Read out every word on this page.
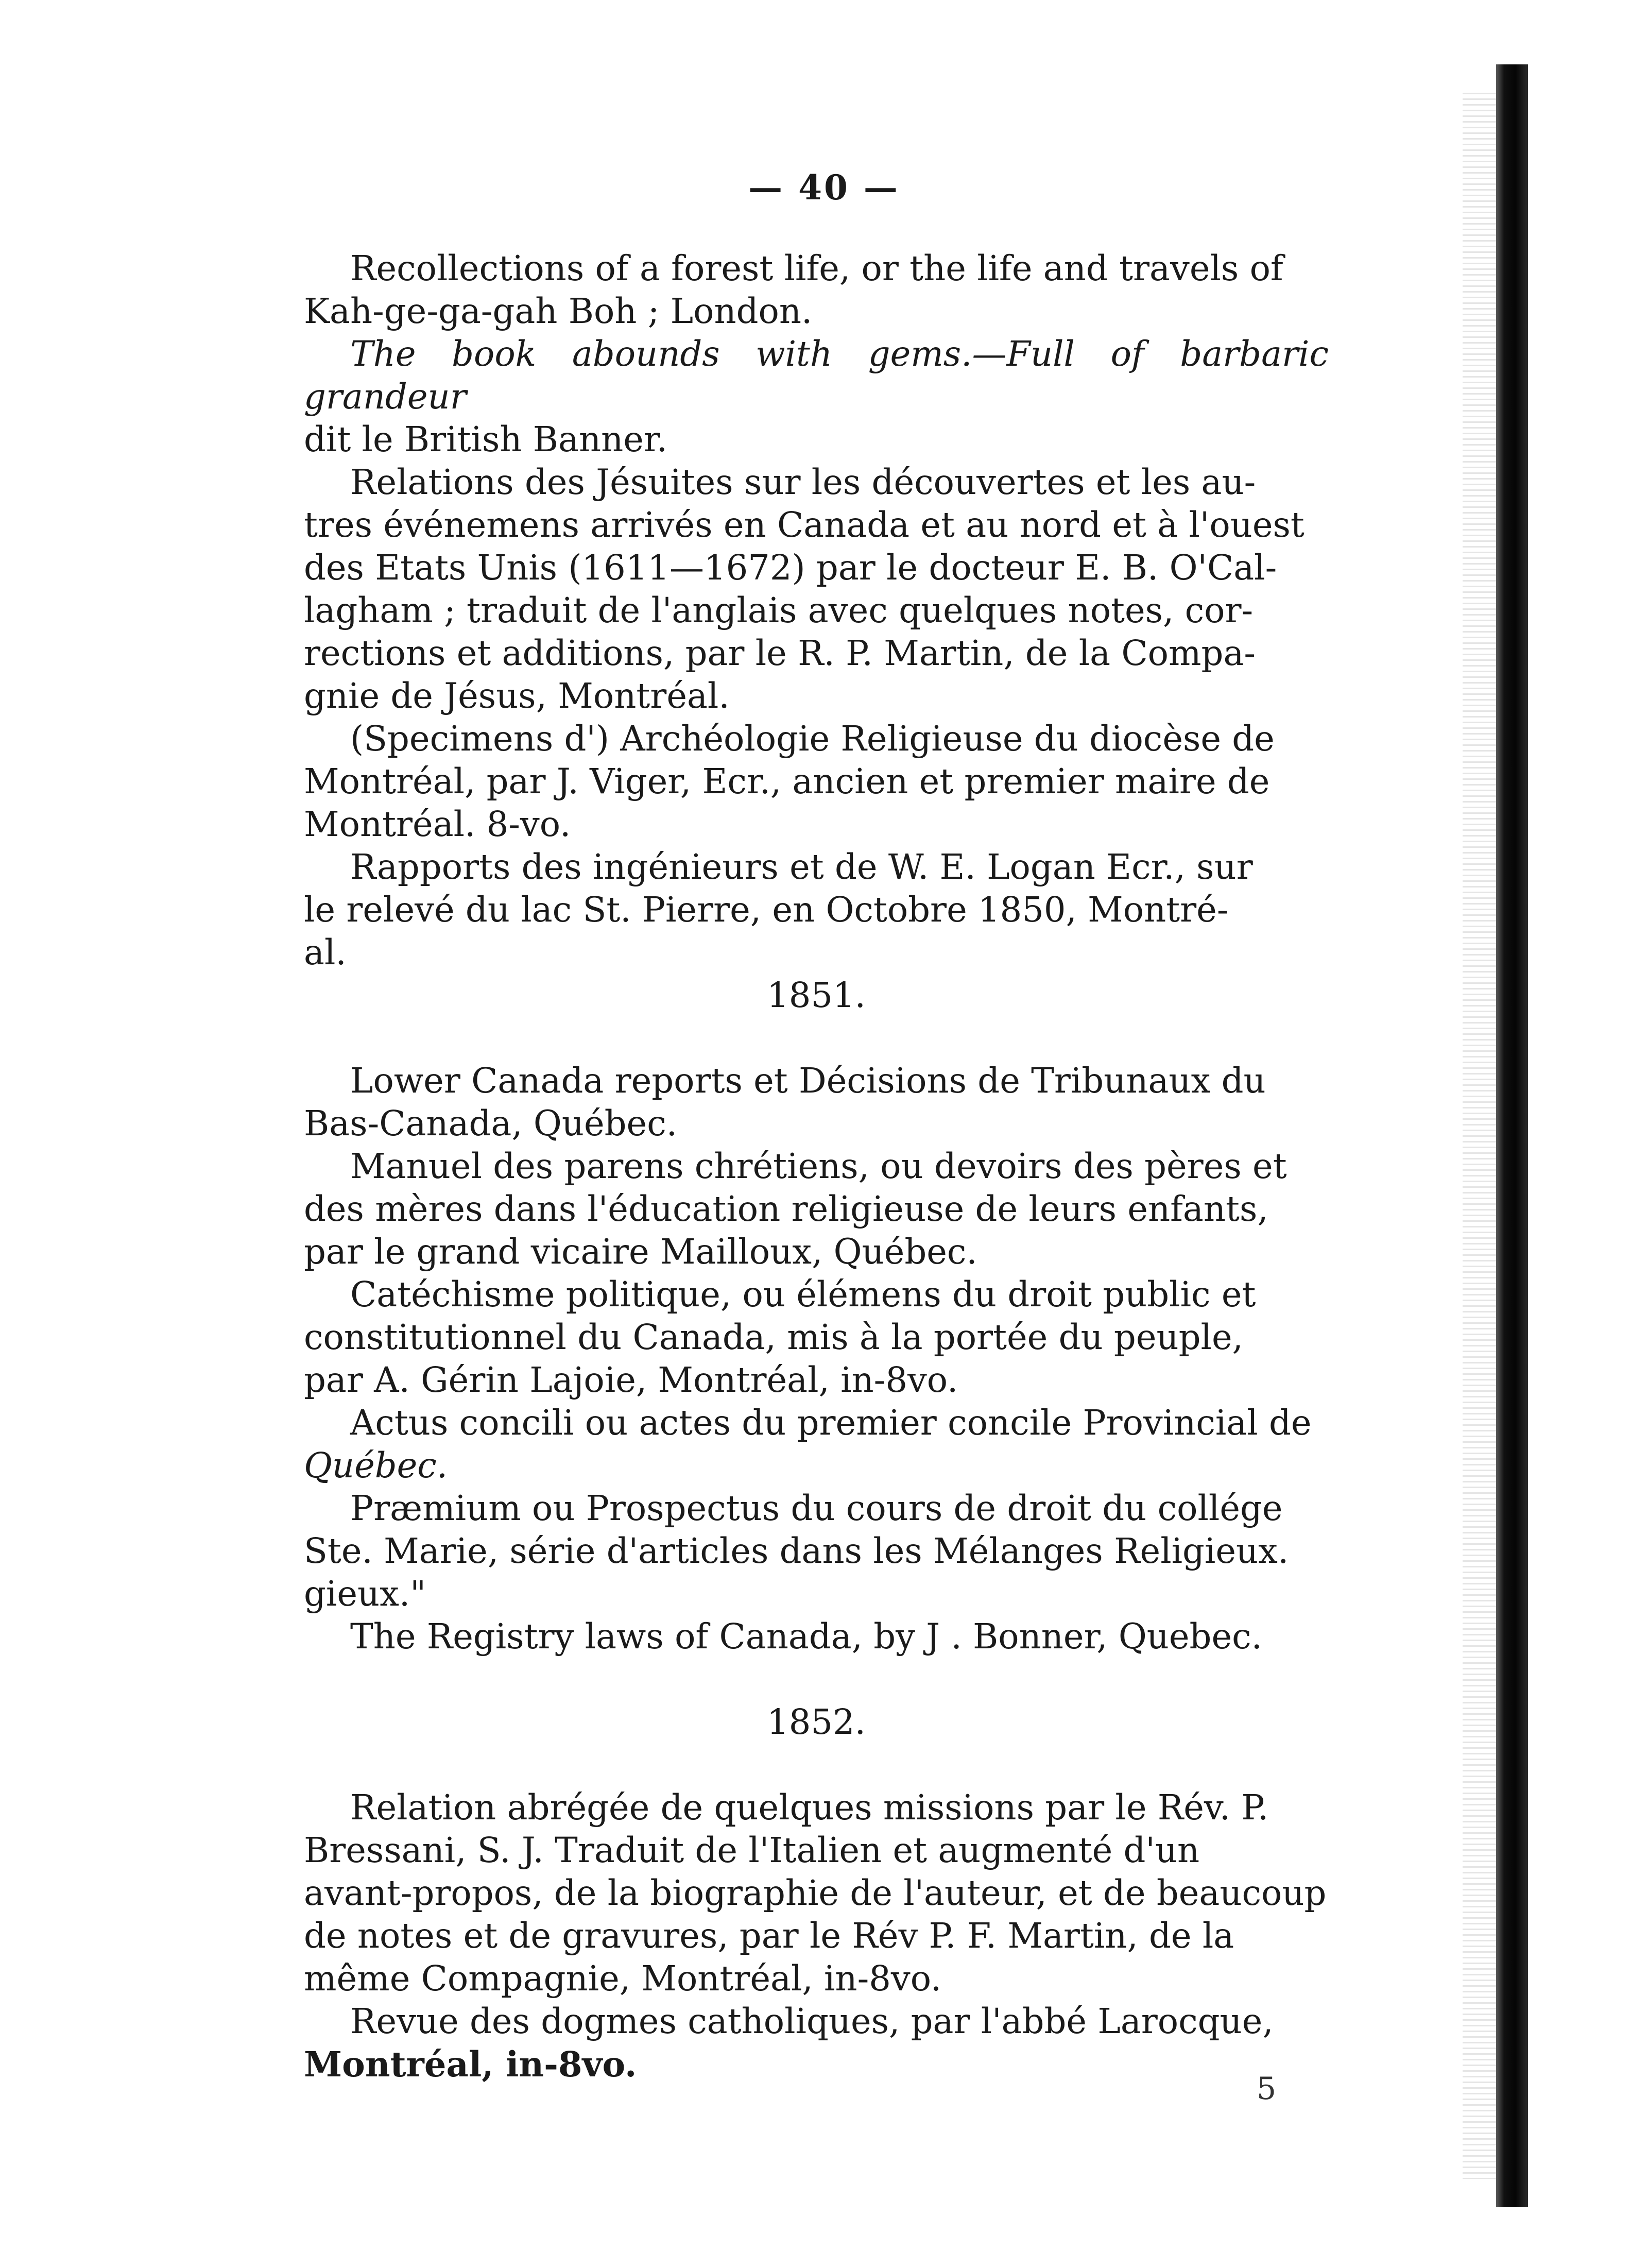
— 40 —

Recollections of a forest life, or the life and travels of
Kah-ge-ga-gah Boh ; London.

The book abounds with gems.—Full of barbaric grandeur
dit le British Banner.

Relations des Jésuites sur les découvertes et les au-
tres événemens arrivés en Canada et au nord et à l'ouest
des Etats Unis (1611—1672) par le docteur E. B. O'Cal-
lagham ; traduit de l'anglais avec quelques notes, cor-
rections et additions, par le R. P. Martin, de la Compa-
gnie de Jésus, Montréal.

(Specimens d') Archéologie Religieuse du diocèse de
Montréal, par J. Viger, Ecr., ancien et premier maire de
Montréal. 8-vo.

Rapports des ingénieurs et de W. E. Logan Ecr., sur
le relevé du lac St. Pierre, en Octobre 1850, Montré-
al.

1851.

Lower Canada reports et Décisions de Tribunaux du
Bas-Canada, Québec.

Manuel des parens chrétiens, ou devoirs des pères et
des mères dans l'éducation religieuse de leurs enfants,
par le grand vicaire Mailloux, Québec.

Catéchisme politique, ou élémens du droit public et
constitutionnel du Canada, mis à la portée du peuple,
par A. Gérin Lajoie, Montréal, in-8vo.

Actus concili ou actes du premier concile Provincial de
Québec.

Præmium ou Prospectus du cours de droit du collége
Ste. Marie, série d'articles dans les Mélanges Religieux.
gieux."

The Registry laws of Canada, by J . Bonner, Quebec.

1852.

Relation abrégée de quelques missions par le Rév. P.
Bressani, S. J. Traduit de l'Italien et augmenté d'un
avant-propos, de la biographie de l'auteur, et de beaucoup
de notes et de gravures, par le Rév P. F. Martin, de la
même Compagnie, Montréal, in-8vo.

Revue des dogmes catholiques, par l'abbé Larocque,
Montréal, in-8vo.

5
